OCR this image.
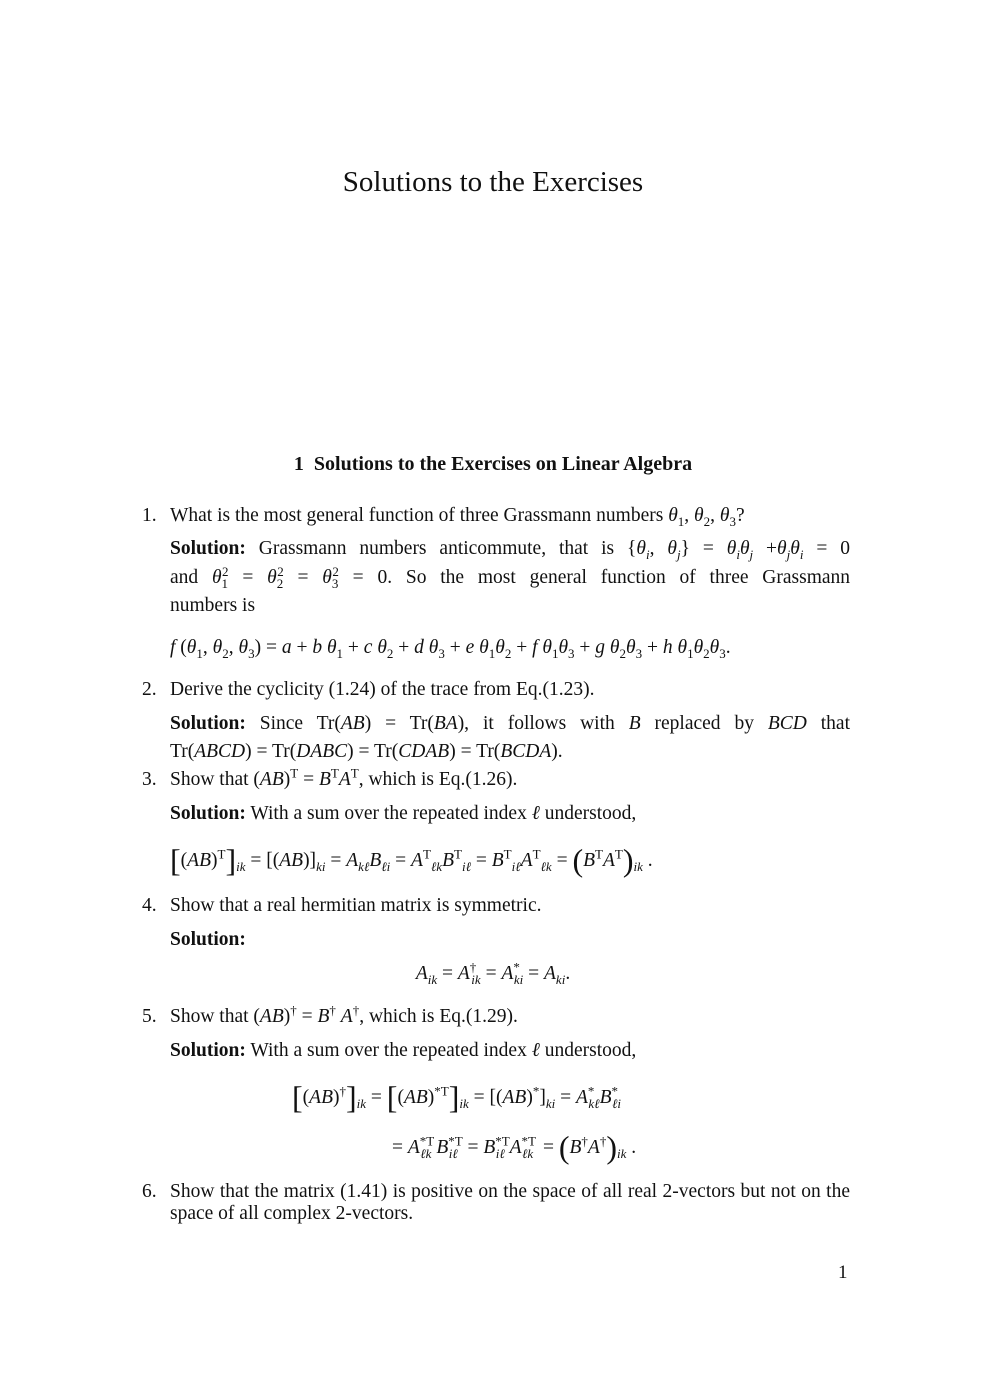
Solutions to the Exercises
1 Solutions to the Exercises on Linear Algebra
1. What is the most general function of three Grassmann numbers $\theta_1$, $\theta_2$, $\theta_3$?
Solution: Grassmann numbers anticommute, that is {$\theta_i$, $\theta_j\} = \theta_i\theta_j +\theta_j\theta_i = 0$
and $\theta_1^2 = \theta_2^2 = \theta_3^2 = 0$. So the most general function of three Grassmann
numbers is
f ($\theta_1$, $\theta_2$, $\theta_3) = a + b$ $\theta_1 + c$ $\theta_2 + d$ $\theta_3 + e$ $\theta_1\theta_2 + f$ $\theta_1\theta_3 + g$ $\theta_2\theta_3 + h$ $\theta_1\theta_2\theta_3$.
2. Derive the cyclicity (1.24) of the trace from Eq.(1.23).
Solution: Since Tr(AB) = Tr(BA), it follows with B replaced by BCD that
Tr(ABCD) = Tr(DABC) = Tr(CDAB) = Tr(BCDA).
3. Show that $(AB)^T = B^TA^T$, which is Eq.(1.26).
Solution: With a sum over the repeated index ℓ understood,
$[(AB)^T]_{ik} = [(AB)]_{ki} = A_{k\ell}B_{\ell i} = A^T_{\ell k}B^T_{i\ell} = B^T_{i\ell}A^T_{\ell k} = (B^TA^T)_{ik}$ .
4. Show that a real hermitian matrix is symmetric.
Solution:
$A_{ik} = A^\dagger_{ik} = A^*_{ki} = A_{ki}$.
5. Show that (AB)† = B† A†, which is Eq.(1.29).
Solution: With a sum over the repeated index ℓ understood,
$[(AB)^\dagger]_{ik} = [(AB)^{*T}]_{ik} = [(AB)^*]_{ki} = A^*_{k\ell}B^*_{\ell i}$
= $A^{*T}_{\ell k}$ $B^{*T}_{i\ell} = B^{*T}_{i\ell}$ $A^{*T}_{\ell k} = (B^\dagger A^\dagger)_{ik}$ .
6. Show that the matrix (1.41) is positive on the space of all real 2-vectors but not on the space of all complex 2-vectors.
1
